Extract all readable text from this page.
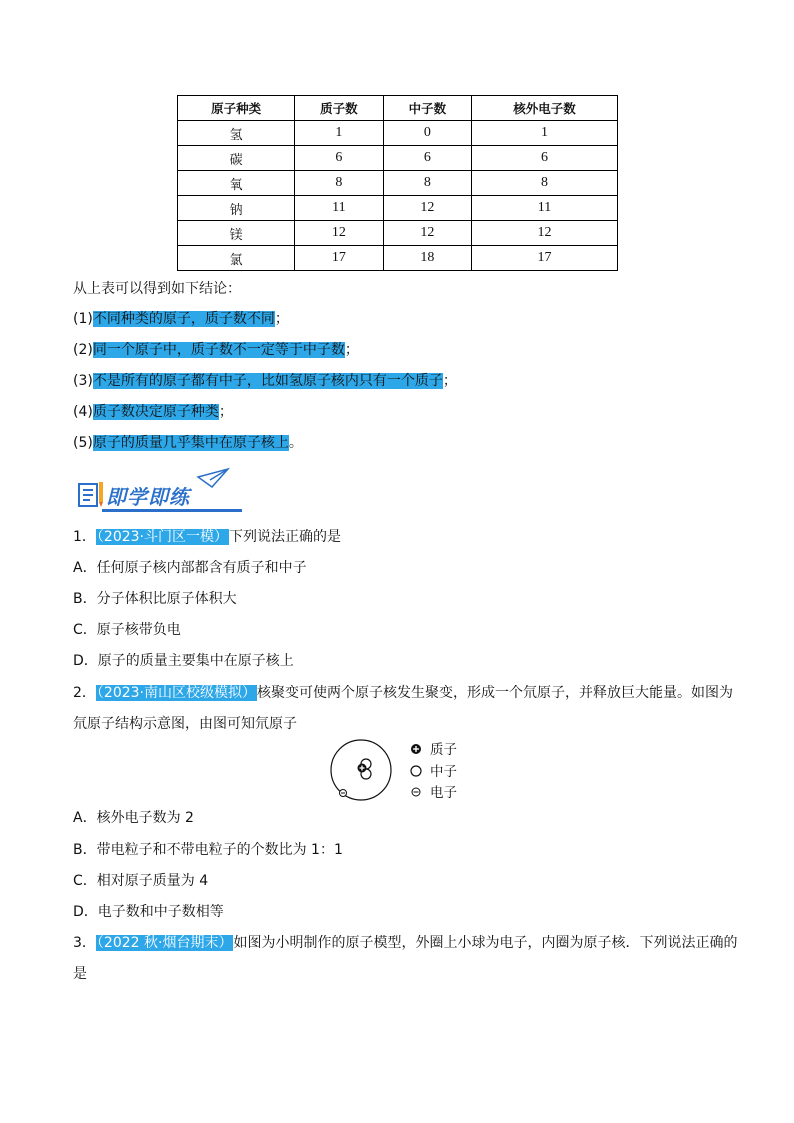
原子种类	质子数	中子数	核外电子数
氢	1	0	1
碳	6	6	6
氧	8	8	8
钠	11	12	11
镁	12	12	12
氯	17	18	17
从上表可以得到如下结论：
(1)不同种类的原子，质子数不同；
(2)同一个原子中，质子数不一定等于中子数；
(3)不是所有的原子都有中子，比如氢原子核内只有一个质子；
(4)质子数决定原子种类；
(5)原子的质量几乎集中在原子核上。
即学即练
1．（2023·斗门区一模）下列说法正确的是
A．任何原子核内部都含有质子和中子
B．分子体积比原子体积大
C．原子核带负电
D．原子的质量主要集中在原子核上
2．（2023·南山区校级模拟）核聚变可使两个原子核发生聚变，形成一个氘原子，并释放巨大能量。如图为
氘原子结构示意图，由图可知氘原子
质子
中子
电子
A．核外电子数为 2
B．带电粒子和不带电粒子的个数比为 1：1
C．相对原子质量为 4
D．电子数和中子数相等
3．（2022 秋·烟台期末）如图为小明制作的原子模型，外圈上小球为电子，内圈为原子核．下列说法正确的
是
